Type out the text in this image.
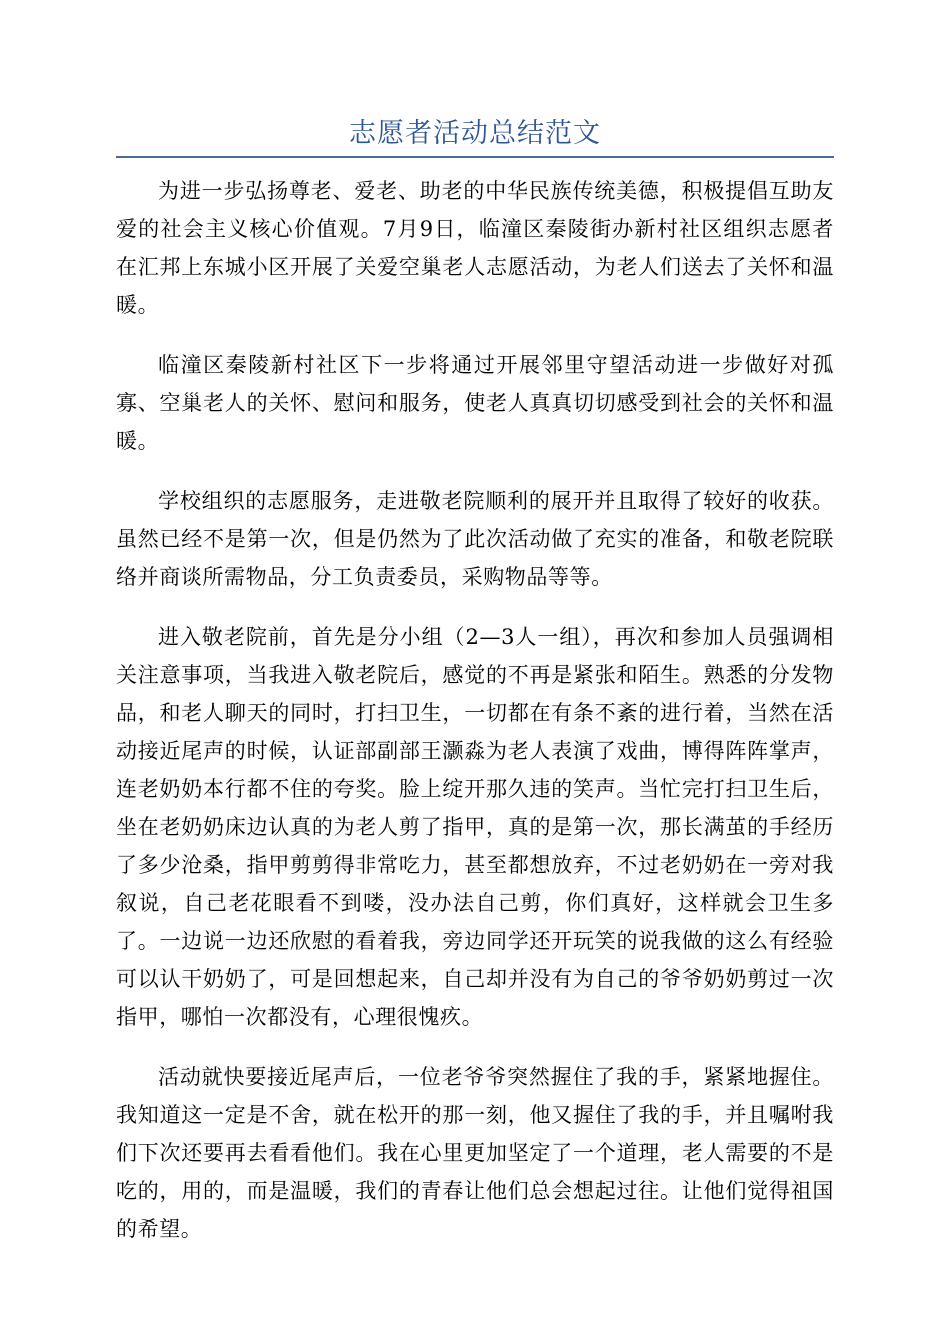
志愿者活动总结范文

为进一步弘扬尊老、爱老、助老的中华民族传统美德，积极提倡互助友爱的社会主义核心价值观。7月9日，临潼区秦陵街办新村社区组织志愿者在汇邦上东城小区开展了关爱空巢老人志愿活动，为老人们送去了关怀和温暖。

临潼区秦陵新村社区下一步将通过开展邻里守望活动进一步做好对孤寡、空巢老人的关怀、慰问和服务，使老人真真切切感受到社会的关怀和温暖。

学校组织的志愿服务，走进敬老院顺利的展开并且取得了较好的收获。虽然已经不是第一次，但是仍然为了此次活动做了充实的准备，和敬老院联络并商谈所需物品，分工负责委员，采购物品等等。

进入敬老院前，首先是分小组（2—3人一组），再次和参加人员强调相关注意事项，当我进入敬老院后，感觉的不再是紧张和陌生。熟悉的分发物品，和老人聊天的同时，打扫卫生，一切都在有条不紊的进行着，当然在活动接近尾声的时候，认证部副部王灏淼为老人表演了戏曲，博得阵阵掌声，连老奶奶本行都不住的夸奖。脸上绽开那久违的笑声。当忙完打扫卫生后，坐在老奶奶床边认真的为老人剪了指甲，真的是第一次，那长满茧的手经历了多少沧桑，指甲剪剪得非常吃力，甚至都想放弃，不过老奶奶在一旁对我叙说，自己老花眼看不到喽，没办法自己剪，你们真好，这样就会卫生多了。一边说一边还欣慰的看着我，旁边同学还开玩笑的说我做的这么有经验可以认干奶奶了，可是回想起来，自己却并没有为自己的爷爷奶奶剪过一次指甲，哪怕一次都没有，心理很愧疚。

活动就快要接近尾声后，一位老爷爷突然握住了我的手，紧紧地握住。我知道这一定是不舍，就在松开的那一刻，他又握住了我的手，并且嘱咐我们下次还要再去看看他们。我在心里更加坚定了一个道理，老人需要的不是吃的，用的，而是温暖，我们的青春让他们总会想起过往。让他们觉得祖国的希望。
